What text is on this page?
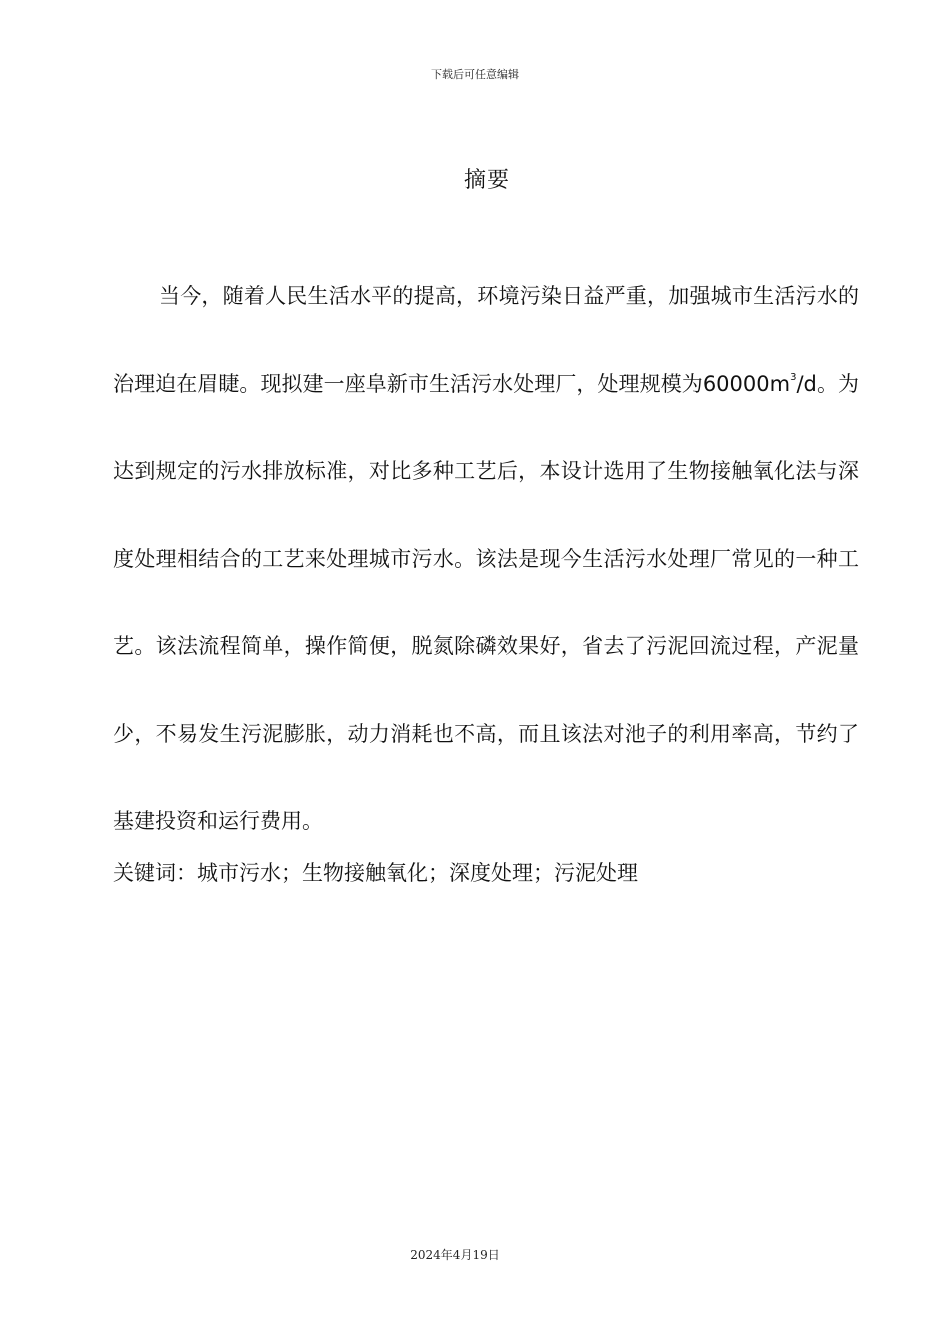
下载后可任意编辑
摘要

当今，随着人民生活水平的提高，环境污染日益严重，加强城市生活污水的治理迫在眉睫。现拟建一座阜新市生活污水处理厂，处理规模为$60000m^3/d$。为达到规定的污水排放标准，对比多种工艺后，本设计选用了生物接触氧化法与深度处理相结合的工艺来处理城市污水。该法是现今生活污水处理厂常见的一种工艺。该法流程简单，操作简便，脱氮除磷效果好，省去了污泥回流过程，产泥量少，不易发生污泥膨胀，动力消耗也不高，而且该法对池子的利用率高，节约了基建投资和运行费用。

关键词：城市污水；生物接触氧化；深度处理；污泥处理
2024年4月19日
